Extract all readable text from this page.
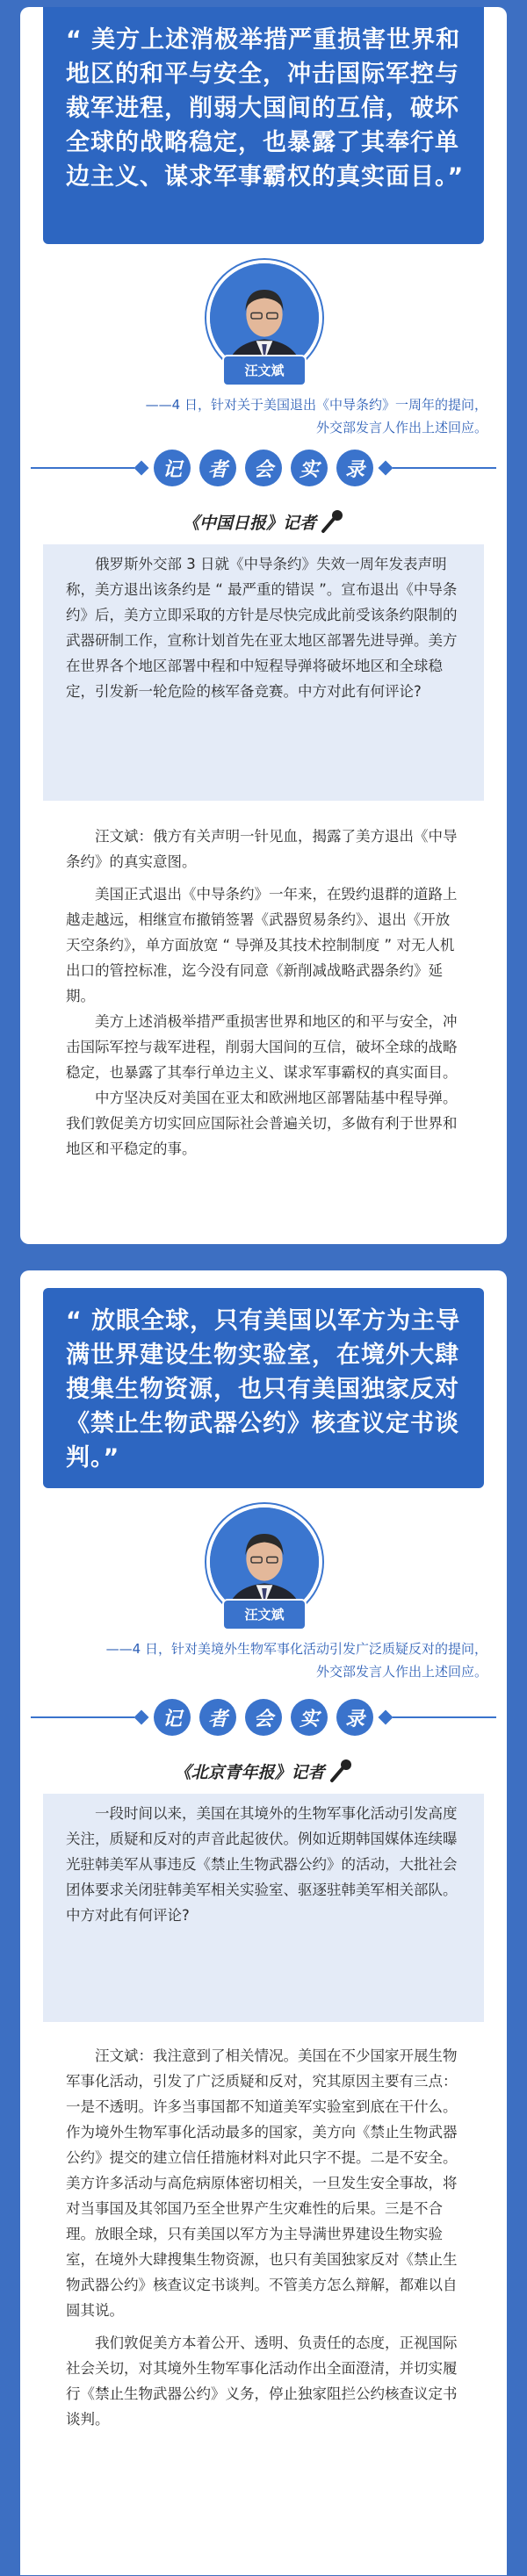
“ 美方上述消极举措严重损害世界和地区的和平与安全，冲击国际军控与裁军进程，削弱大国间的互信，破坏全球的战略稳定，也暴露了其奉行单边主义、谋求军事霸权的真实面目。”
汪文斌
——4 日，针对关于美国退出《中导条约》一周年的提问，
外交部发言人作出上述回应。
记	者	会	实	录
《中国日报》记者

俄罗斯外交部 3 日就《中导条约》失效一周年发表声明称，美方退出该条约是 “ 最严重的错误 ”。宣布退出《中导条约》后，美方立即采取的方针是尽快完成此前受该条约限制的武器研制工作，宣称计划首先在亚太地区部署先进导弹。美方在世界各个地区部署中程和中短程导弹将破坏地区和全球稳定，引发新一轮危险的核军备竞赛。中方对此有何评论?

汪文斌：俄方有关声明一针见血，揭露了美方退出《中导条约》的真实意图。

美国正式退出《中导条约》一年来，在毁约退群的道路上越走越远，相继宣布撤销签署《武器贸易条约》、退出《开放天空条约》，单方面放宽 “ 导弹及其技术控制制度 ” 对无人机出口的管控标准，迄今没有同意《新削减战略武器条约》延期。

美方上述消极举措严重损害世界和地区的和平与安全，冲击国际军控与裁军进程，削弱大国间的互信，破坏全球的战略稳定，也暴露了其奉行单边主义、谋求军事霸权的真实面目。

中方坚决反对美国在亚太和欧洲地区部署陆基中程导弹。我们敦促美方切实回应国际社会普遍关切，多做有利于世界和地区和平稳定的事。

“ 放眼全球，只有美国以军方为主导满世界建设生物实验室，在境外大肆搜集生物资源，也只有美国独家反对《禁止生物武器公约》核查议定书谈判。”
汪文斌
——4 日，针对美境外生物军事化活动引发广泛质疑反对的提问，
外交部发言人作出上述回应。
记	者	会	实	录
《北京青年报》记者

一段时间以来，美国在其境外的生物军事化活动引发高度关注，质疑和反对的声音此起彼伏。例如近期韩国媒体连续曝光驻韩美军从事违反《禁止生物武器公约》的活动，大批社会团体要求关闭驻韩美军相关实验室、驱逐驻韩美军相关部队。中方对此有何评论?

汪文斌：我注意到了相关情况。美国在不少国家开展生物军事化活动，引发了广泛质疑和反对，究其原因主要有三点：一是不透明。许多当事国都不知道美军实验室到底在干什么。作为境外生物军事化活动最多的国家，美方向《禁止生物武器公约》提交的建立信任措施材料对此只字不提。二是不安全。美方许多活动与高危病原体密切相关，一旦发生安全事故，将对当事国及其邻国乃至全世界产生灾难性的后果。三是不合理。放眼全球，只有美国以军方为主导满世界建设生物实验室，在境外大肆搜集生物资源，也只有美国独家反对《禁止生物武器公约》核查议定书谈判。不管美方怎么辩解，都难以自圆其说。

我们敦促美方本着公开、透明、负责任的态度，正视国际社会关切，对其境外生物军事化活动作出全面澄清，并切实履行《禁止生物武器公约》义务，停止独家阻拦公约核查议定书谈判。
